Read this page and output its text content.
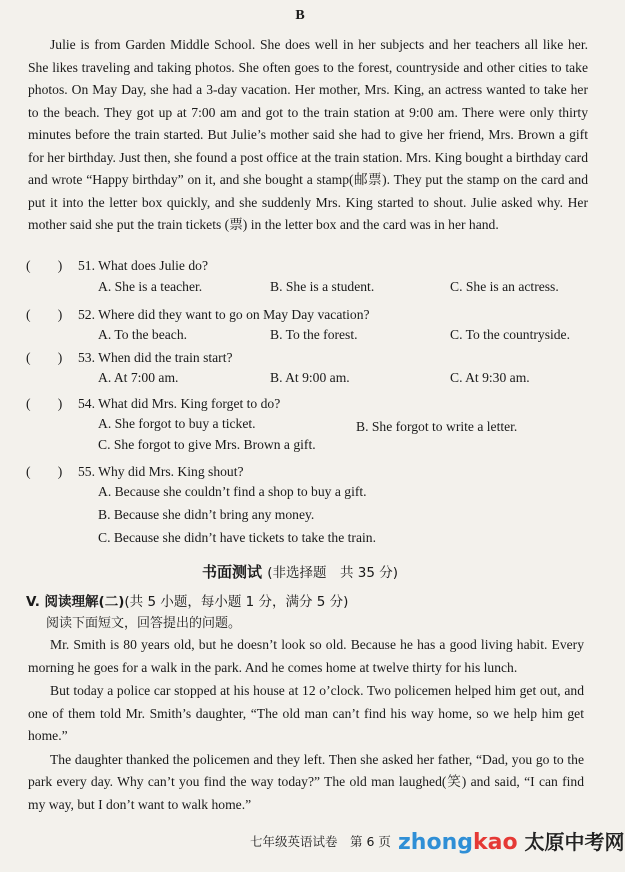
B

Julie is from Garden Middle School. She does well in her subjects and her teachers all like her. She likes traveling and taking photos. She often goes to the forest, countryside and other cities to take photos. On May Day, she had a 3-day vacation. Her mother, Mrs. King, an actress wanted to take her to the beach. They got up at 7:00 am and got to the train station at 9:00 am. There were only thirty minutes before the train started. But Julie’s mother said she had to give her friend, Mrs. Brown a gift for her birthday. Just then, she found a post office at the train station. Mrs. King bought a birthday card and wrote “Happy birthday” on it, and she bought a stamp(邮票). They put the stamp on the card and put it into the letter box quickly, and she suddenly Mrs. King started to shout. Julie asked why. Her mother said she put the train tickets (票) in the letter box and the card was in her hand.

(　　) 51. What does Julie do?
A. She is a teacher.	B. She is a student.	C. She is an actress.
(　　) 52. Where did they want to go on May Day vacation?
A. To the beach.	B. To the forest.	C. To the countryside.
(　　) 53. When did the train start?
A. At 7:00 am.	B. At 9:00 am.	C. At 9:30 am.
(　　) 54. What did Mrs. King forget to do?
A. She forgot to buy a ticket.	B. She forgot to write a letter.
C. She forgot to give Mrs. Brown a gift.
(　　) 55. Why did Mrs. King shout?
A. Because she couldn’t find a shop to buy a gift.
B. Because she didn’t bring any money.
C. Because she didn’t have tickets to take the train.
书面测试 (非选择题　共 35 分)
V. 阅读理解(二)(共 5 小题，每小题 1 分，满分 5 分)
阅读下面短文，回答提出的问题。

Mr. Smith is 80 years old, but he doesn’t look so old. Because he has a good living habit. Every morning he goes for a walk in the park. And he comes home at twelve thirty for his lunch.

But today a police car stopped at his house at 12 o’clock. Two policemen helped him get out, and one of them told Mr. Smith’s daughter, “The old man can’t find his way home, so we help him get home.”

The daughter thanked the policemen and they left. Then she asked her father, “Dad, you go to the park every day. Why can’t you find the way today?” The old man laughed(笑) and said, “I can find my way, but I don’t want to walk home.”

七年级英语试卷　第 6 页 zhongkao 太原中考网
